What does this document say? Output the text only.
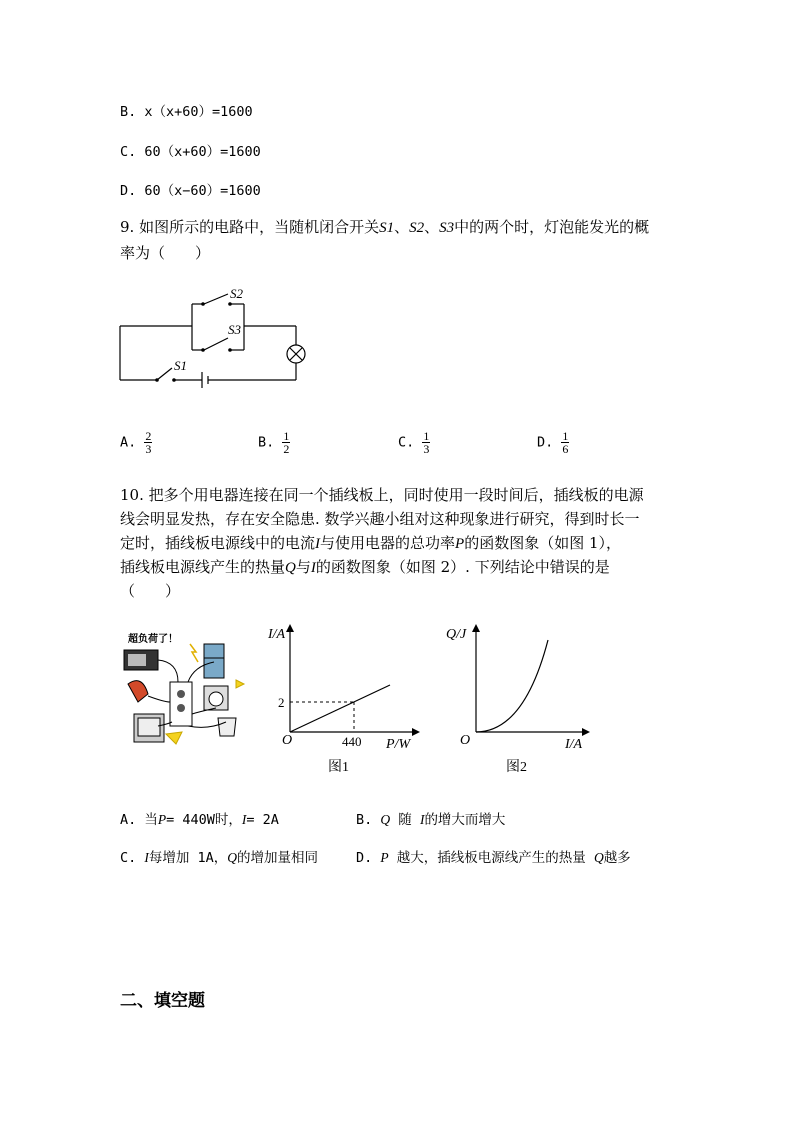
B. x（x+60）=1600
C. 60（x+60）=1600
D. 60（x−60）=1600
9. 如图所示的电路中，当随机闭合开关S1、S2、S3中的两个时，灯泡能发光的概
率为（　　）
S1
S2
S3
A. $\frac{2}{3}$	B. $\frac{1}{2}$	C. $\frac{1}{3}$	D. $\frac{1}{6}$
10. 把多个用电器连接在同一个插线板上，同时使用一段时间后，插线板的电源
线会明显发热，存在安全隐患. 数学兴趣小组对这种现象进行研究，得到时长一
定时，插线板电源线中的电流I与使用电器的总功率P的函数图象（如图 1），
插线板电源线产生的热量Q与I的函数图象（如图 2）. 下列结论中错误的是
（　　）
超负荷了！	I/A
P/W
O	440
2
图1
Q/J
I/A
O
图2
A. 当P= 440W时，I= 2A	B. Q 随 I的增大而增大
C. I每增加 1A，Q的增加量相同	D. P 越大，插线板电源线产生的热量 Q越多
二、填空题
